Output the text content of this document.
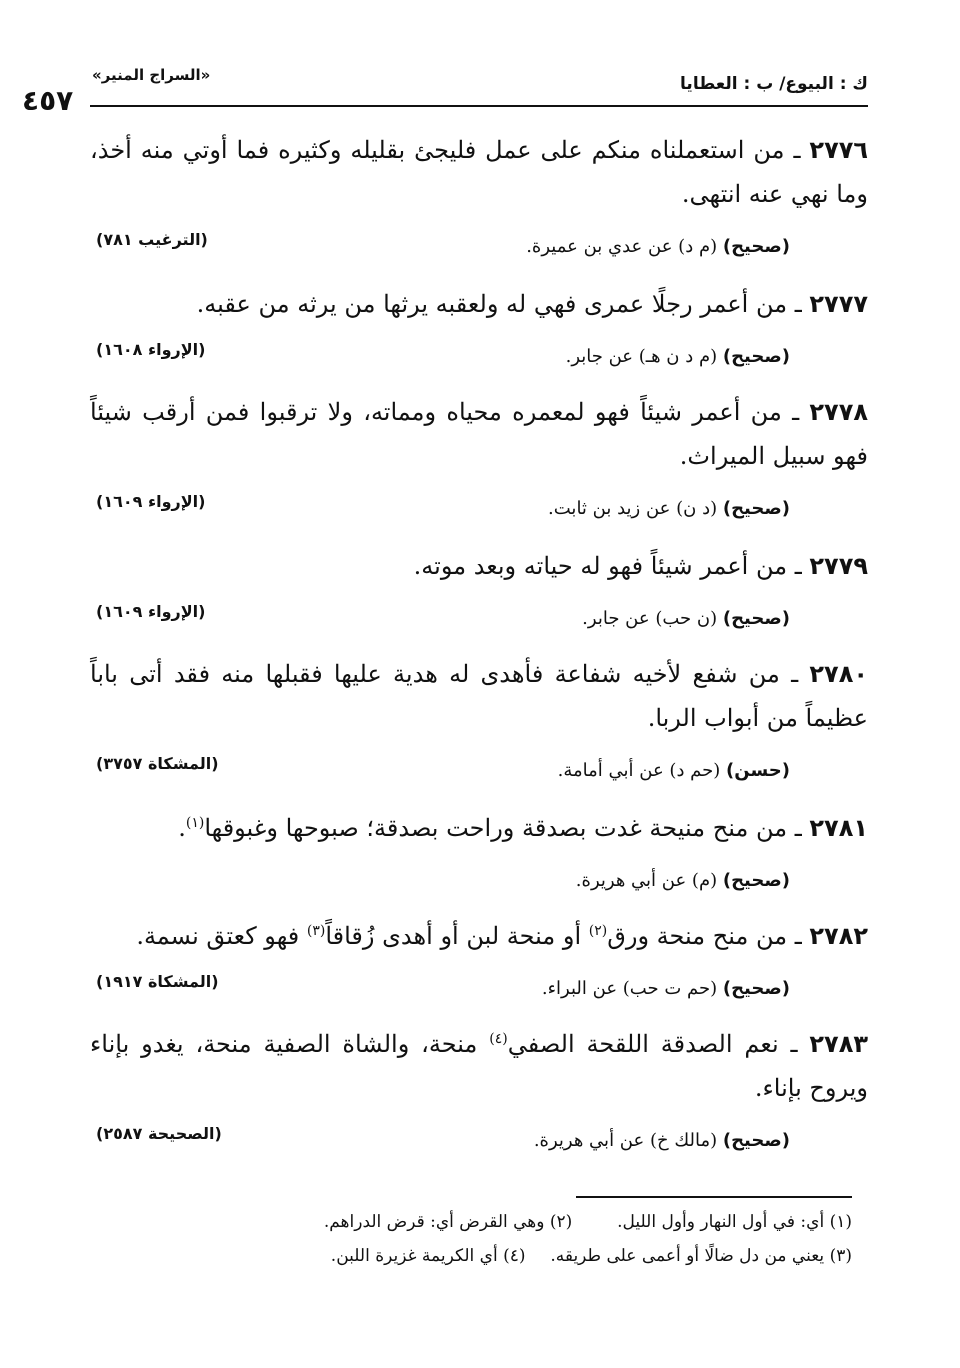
ك : البيوع/ ب : العطايا
«السراج المنير»
٤٥٧
٢٧٧٦ ـ من استعملناه منكم على عمل فليجئ بقليله وكثيره فما أوتي منه أخذ، وما نهي عنه انتهى.
(صحيح) (م د) عن عدي بن عميرة.
(الترغيب ٧٨١)
٢٧٧٧ ـ من أعمر رجلًا عمرى فهي له ولعقبه يرثها من يرثه من عقبه.
(صحيح) (م د ن هـ) عن جابر.
(الإرواء ١٦٠٨)
٢٧٧٨ ـ من أعمر شيئاً فهو لمعمره محياه ومماته، ولا ترقبوا فمن أرقب شيئاً فهو سبيل الميراث.
(صحيح) (د ن) عن زيد بن ثابت.
(الإرواء ١٦٠٩)
٢٧٧٩ ـ من أعمر شيئاً فهو له حياته وبعد موته.
(صحيح) (ن حب) عن جابر.
(الإرواء ١٦٠٩)
٢٧٨٠ ـ من شفع لأخيه شفاعة فأهدى له هدية عليها فقبلها منه فقد أتى باباً عظيماً من أبواب الربا.
(حسن) (حم د) عن أبي أمامة.
(المشكاة ٣٧٥٧)
٢٧٨١ ـ من منح منيحة غدت بصدقة وراحت بصدقة؛ صبوحها وغبوقها$^{(١)}$.
(صحيح) (م) عن أبي هريرة.
٢٧٨٢ ـ من منح منحة ورق$^{(٢)}$ أو منحة لبن أو أهدى زُقاقاً$^{(٣)}$ فهو كعتق نسمة.
(صحيح) (حم ت حب) عن البراء.
(المشكاة ١٩١٧)
٢٧٨٣ ـ نعم الصدقة اللقحة الصفي$^{(٤)}$ منحة، والشاة الصفية منحة، يغدو بإناء ويروح بإناء.
(صحيح) (مالك خ) عن أبي هريرة.
(الصحيحة ٢٥٨٧)
(١) أي: في أول النهار وأول الليل.  (٢) وهي القرض أي: قرض الدراهم.
(٣) يعني من دل ضالًا أو أعمى على طريقه.  (٤) أي الكريمة غزيرة اللبن.
